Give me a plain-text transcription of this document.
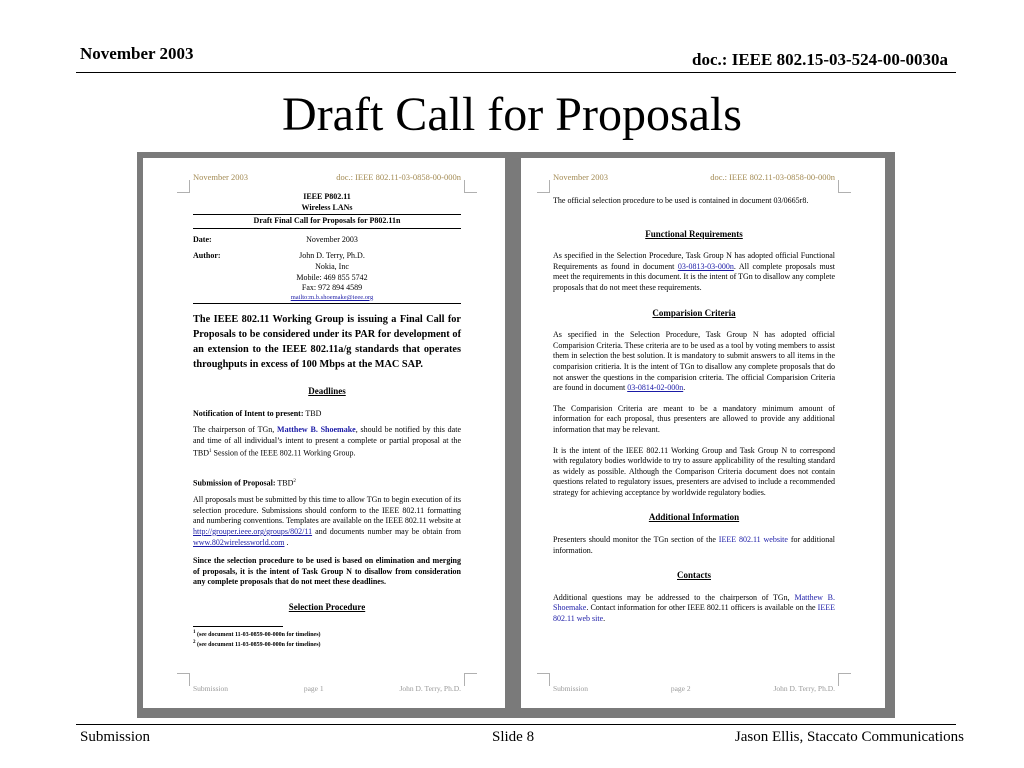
November 2003	doc.: IEEE 802.15-03-524-00-0030a
Draft Call for Proposals
November 2003	doc.: IEEE 802.11-03-0858-00-000n
IEEE P802.11
Wireless LANs
Draft Final Call for Proposals for P802.11n
Date:	November 2003
Author:	John D. Terry, Ph.D.
Nokia, Inc
Mobile: 469 855 5742
Fax: 972 894 4589
mailto:m.b.shoemake@ieee.org
The IEEE 802.11 Working Group is issuing a Final Call for Proposals to be considered under its PAR for development of an extension to the IEEE 802.11a/g standards that operates throughputs in excess of 100 Mbps at the MAC SAP.
Deadlines
Notification of Intent to present: TBD
The chairperson of TGn, Matthew B. Shoemake, should be notified by this date and time of all individual’s intent to present a complete or partial proposal at the TBD$^1$ Session of the IEEE 802.11 Working Group.
Submission of Proposal: TBD$^2$
All proposals must be submitted by this time to allow TGn to begin execution of its selection procedure. Submissions should conform to the IEEE 802.11 formatting and numbering conventions. Templates are available on the IEEE 802.11 website at http://grouper.ieee.org/groups/802/11 and documents number may be obtain from www.802wirelessworld.com .
Since the selection procedure to be used is based on elimination and merging of proposals, it is the intent of Task Group N to disallow from consideration any complete proposals that do not meet these deadlines.
Selection Procedure
$^1$ (see document 11-03-0859-00-000n for timelines)
$^2$ (see document 11-03-0859-00-000n for timelines)
Submission	page 1	John D. Terry, Ph.D.
November 2003	doc.: IEEE 802.11-03-0858-00-000n
The official selection procedure to be used is contained in document 03/0665r8.
Functional Requirements
As specified in the Selection Procedure, Task Group N has adopted official Functional Requirements as found in document 03-0813-03-000n. All complete proposals must meet the requirements in this document. It is the intent of TGn to disallow any complete proposals that do not meet these requirements.
Comparision Criteria
As specified in the Selection Procedure, Task Group N has adopted official Comparision Criteria. These criteria are to be used as a tool by voting members to assist them in selection the best solution. It is mandatory to submit answers to all items in the comparision critieria. It is the intent of TGn to disallow any complete proposals that do not answer the questions in the comparision criteria. The official Comparision Criteria are found in document 03-0814-02-000n.
The Comparision Criteria are meant to be a mandatory minimum amount of information for each proposal, thus presenters are allowed to provide any additional information that may be relevant.
It is the intent of the IEEE 802.11 Working Group and Task Group N to correspond with regulatory bodies worldwide to try to assure applicability of the resulting standard as widely as possible. Although the Comparison Criteria document does not contain questions related to regulatory issues, presenters are advised to include a recommended strategy for achieving acceptance by worldwide regulatory bodies.
Additional Information
Presenters should monitor the TGn section of the IEEE 802.11 website for additional information.
Contacts
Additional questions may be addressed to the chairperson of TGn, Matthew B. Shoemake. Contact information for other IEEE 802.11 officers is available on the IEEE 802.11 web site.
Submission	page 2	John D. Terry, Ph.D.
Submission	Slide 8	Jason Ellis, Staccato Communications
